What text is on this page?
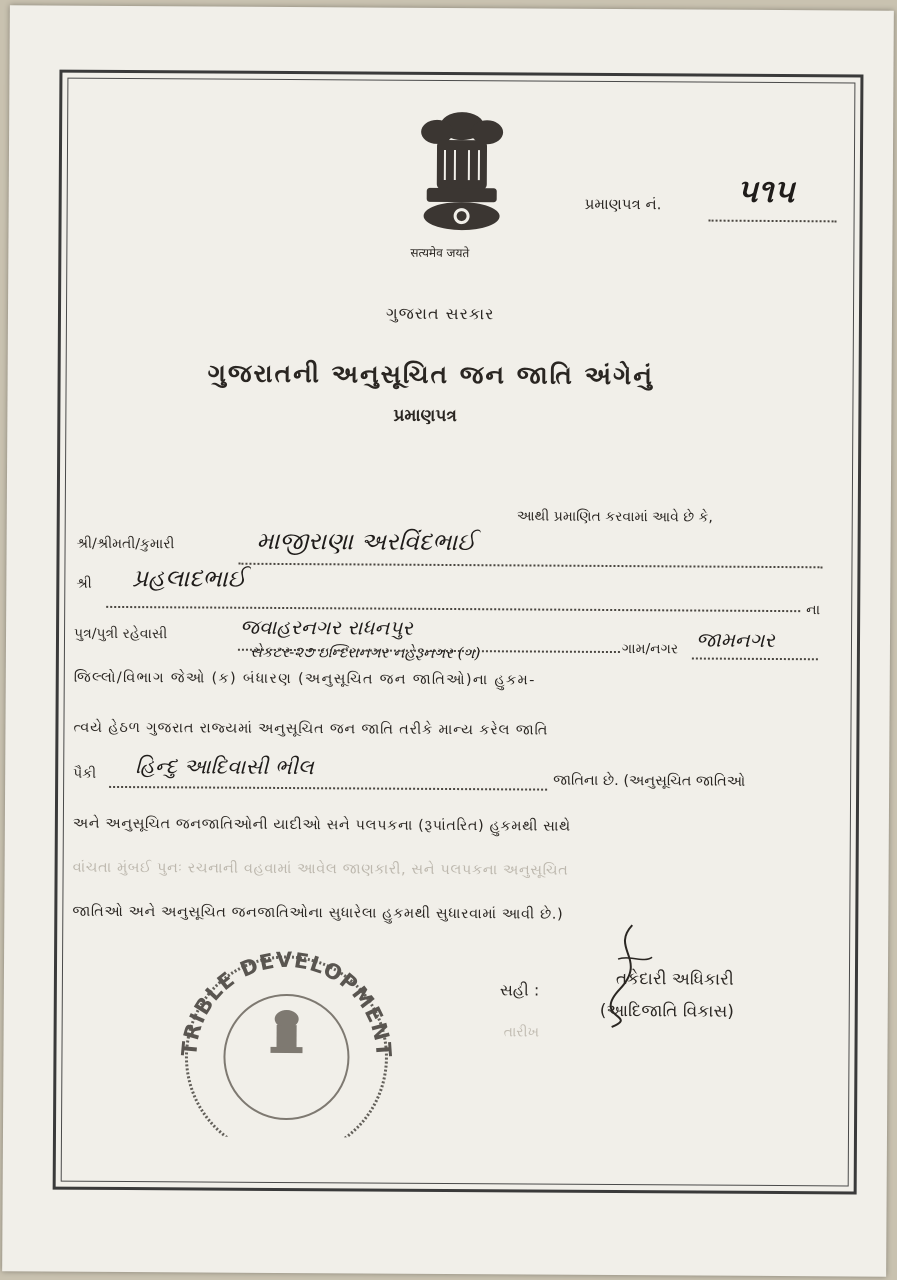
सत्यमेव जयते
પ્રમાણપત્ર નં. ૫૧૫
ગુજરાત સરકાર
ગુજરાતની અનુસૂચિત જન જાતિ અંગેનું
પ્રમાણપત્ર
આથી પ્રમાણિત કરવામાં આવે છે કે,
શ્રી/શ્રીમતી/કુમારી	માજીરાણા અરવિંદભાઈ
શ્રી પ્રહલાદભાઈ
ના
પુત્ર/પુત્રી રહેવાસી	જવાહરનગર રાધનપુર
સેકટર-૨૭ ઇન્દિરાનગર નહેરૂનગર (ગ)	ગામ/નગર જામનગર
જિલ્લો/વિભાગ જેઓ (ક) બંધારણ (અનુસૂચિત જન જાતિઓ)ના હુકમ-
ત્વયે હેઠળ ગુજરાત રાજ્યમાં અનુસૂચિત જન જાતિ તરીકે માન્ય કરેલ જાતિ
પૈકી હિન્દુ આદિવાસી ભીલ
જાતિના છે. (અનુસૂચિત જાતિઓ
અને અનુસૂચિત જનજાતિઓની યાદીઓ સને પલપકના (રૂપાંતરિત) હુકમથી સાથે
વાંચતા મુંબઈ પુનઃ રચનાની વહવામાં આવેલ જાણકારી, સને પલપકના અનુસૂચિત
જાતિઓ અને અનુસૂચિત જનજાતિઓના સુધારેલા હુકમથી સુધારવામાં આવી છે.)
TRIBLE DEVELOPMENT
સહી :
તકેદારી અધિકારી
(આદિજાતિ વિકાસ)
તારીખ
